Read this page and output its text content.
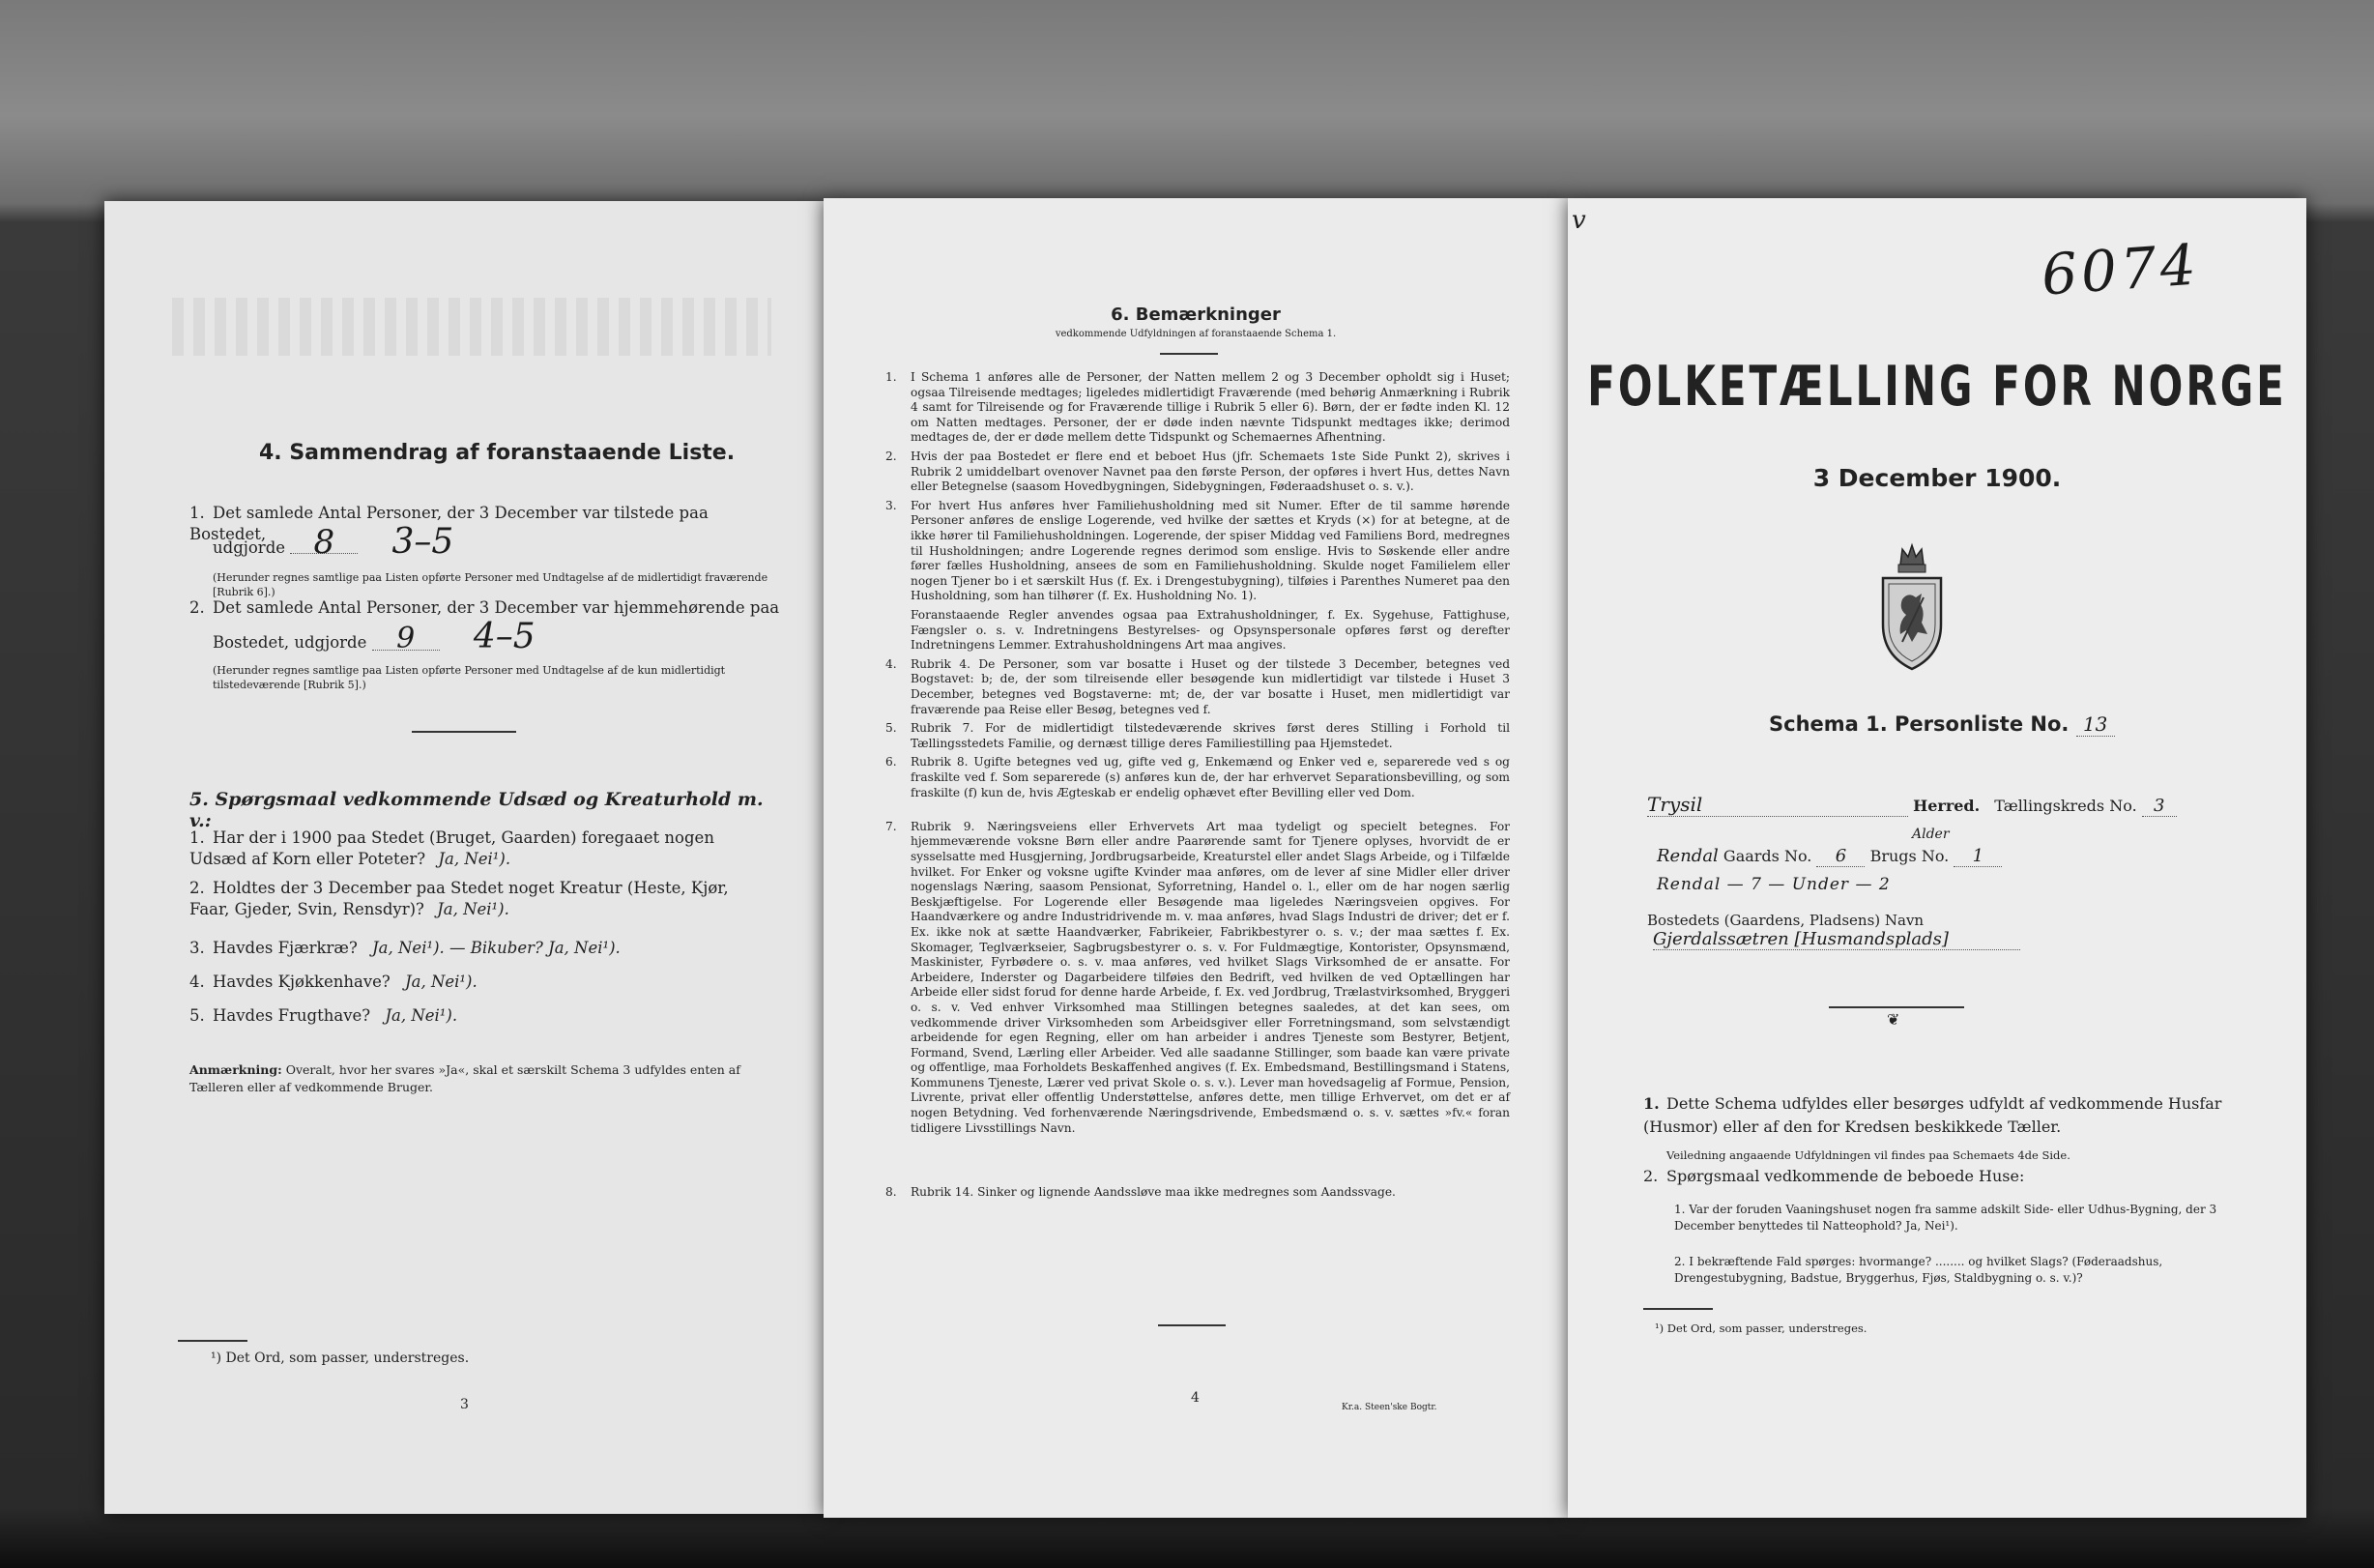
4. Sammendrag af foranstaaende Liste.
1. Det samlede Antal Personer, der 3 December var tilstede paa Bostedet,
udgjorde 8 3–5
(Herunder regnes samtlige paa Listen opførte Personer med Undtagelse af de midlertidigt fraværende [Rubrik 6].)
2. Det samlede Antal Personer, der 3 December var hjemmehørende paa
Bostedet, udgjorde 9 4–5
(Herunder regnes samtlige paa Listen opførte Personer med Undtagelse af de kun midlertidigt tilstedeværende [Rubrik 5].)
5. Spørgsmaal vedkommende Udsæd og Kreaturhold m. v.:
1. Har der i 1900 paa Stedet (Bruget, Gaarden) foregaaet nogen Udsæd af Korn eller Poteter? Ja, Nei¹).
2. Holdtes der 3 December paa Stedet noget Kreatur (Heste, Kjør, Faar, Gjeder, Svin, Rensdyr)? Ja, Nei¹).
3. Havdes Fjærkræ? Ja, Nei¹). — Bikuber? Ja, Nei¹).
4. Havdes Kjøkkenhave? Ja, Nei¹).
5. Havdes Frugthave? Ja, Nei¹).
Anmærkning: Overalt, hvor her svares »Ja«, skal et særskilt Schema 3 udfyldes enten af Tælleren eller af vedkommende Bruger.
¹) Det Ord, som passer, understreges.
3
6. Bemærkninger
vedkommende Udfyldningen af foranstaaende Schema 1.
1. I Schema 1 anføres alle de Personer, der Natten mellem 2 og 3 December opholdt sig i Huset; ogsaa Tilreisende medtages; ligeledes midlertidigt Fraværende (med behørig Anmærkning i Rubrik 4 samt for Tilreisende og for Fraværende tillige i Rubrik 5 eller 6). Børn, der er fødte inden Kl. 12 om Natten medtages. Personer, der er døde inden nævnte Tidspunkt medtages ikke; derimod medtages de, der er døde mellem dette Tidspunkt og Schemaernes Afhentning.
2. Hvis der paa Bostedet er flere end et beboet Hus (jfr. Schemaets 1ste Side Punkt 2), skrives i Rubrik 2 umiddelbart ovenover Navnet paa den første Person, der opføres i hvert Hus, dettes Navn eller Betegnelse (saasom Hovedbygningen, Sidebygningen, Føderaadshuset o. s. v.).
3. For hvert Hus anføres hver Familiehusholdning med sit Numer. Efter de til samme hørende Personer anføres de enslige Logerende, ved hvilke der sættes et Kryds (×) for at betegne, at de ikke hører til Familiehusholdningen. Logerende, der spiser Middag ved Familiens Bord, medregnes til Husholdningen; andre Logerende regnes derimod som enslige. Hvis to Søskende eller andre fører fælles Husholdning, ansees de som en Familiehusholdning. Skulde noget Familielem eller nogen Tjener bo i et særskilt Hus (f. Ex. i Drengestubygning), tilføies i Parenthes Numeret paa den Husholdning, som han tilhører (f. Ex. Husholdning No. 1).
Foranstaaende Regler anvendes ogsaa paa Extrahusholdninger, f. Ex. Sygehuse, Fattighuse, Fængsler o. s. v. Indretningens Bestyrelses- og Opsynspersonale opføres først og derefter Indretningens Lemmer. Extrahusholdningens Art maa angives.
4. Rubrik 4. De Personer, som var bosatte i Huset og der tilstede 3 December, betegnes ved Bogstavet: b; de, der som tilreisende eller besøgende kun midlertidigt var tilstede i Huset 3 December, betegnes ved Bogstaverne: mt; de, der var bosatte i Huset, men midlertidigt var fraværende paa Reise eller Besøg, betegnes ved f.
5. Rubrik 7. For de midlertidigt tilstedeværende skrives først deres Stilling i Forhold til Tællingsstedets Familie, og dernæst tillige deres Familiestilling paa Hjemstedet.
6. Rubrik 8. Ugifte betegnes ved ug, gifte ved g, Enkemænd og Enker ved e, separerede ved s og fraskilte ved f. Som separerede (s) anføres kun de, der har erhvervet Separationsbevilling, og som fraskilte (f) kun de, hvis Ægteskab er endelig ophævet efter Bevilling eller ved Dom.
7. Rubrik 9. Næringsveiens eller Erhvervets Art maa tydeligt og specielt betegnes. For hjemmeværende voksne Børn eller andre Paarørende samt for Tjenere oplyses, hvorvidt de er sysselsatte med Husgjerning, Jordbrugsarbeide, Kreaturstel eller andet Slags Arbeide, og i Tilfælde hvilket. For Enker og voksne ugifte Kvinder maa anføres, om de lever af sine Midler eller driver nogenslags Næring, saasom Pensionat, Syforretning, Handel o. l., eller om de har nogen særlig Beskjæftigelse. For Logerende eller Besøgende maa ligeledes Næringsveien opgives. For Haandværkere og andre Industridrivende m. v. maa anføres, hvad Slags Industri de driver; det er f. Ex. ikke nok at sætte Haandværker, Fabrikeier, Fabrikbestyrer o. s. v.; der maa sættes f. Ex. Skomager, Teglværkseier, Sagbrugsbestyrer o. s. v. For Fuldmægtige, Kontorister, Opsynsmænd, Maskinister, Fyrbødere o. s. v. maa anføres, ved hvilket Slags Virksomhed de er ansatte. For Arbeidere, Inderster og Dagarbeidere tilføies den Bedrift, ved hvilken de ved Optællingen har Arbeide eller sidst forud for denne harde Arbeide, f. Ex. ved Jordbrug, Trælastvirksomhed, Bryggeri o. s. v. Ved enhver Virksomhed maa Stillingen betegnes saaledes, at det kan sees, om vedkommende driver Virksomheden som Arbeidsgiver eller Forretningsmand, som selvstændigt arbeidende for egen Regning, eller om han arbeider i andres Tjeneste som Bestyrer, Betjent, Formand, Svend, Lærling eller Arbeider. Ved alle saadanne Stillinger, som baade kan være private og offentlige, maa Forholdets Beskaffenhed angives (f. Ex. Embedsmand, Bestillingsmand i Statens, Kommunens Tjeneste, Lærer ved privat Skole o. s. v.). Lever man hovedsagelig af Formue, Pension, Livrente, privat eller offentlig Understøttelse, anføres dette, men tillige Erhvervet, om det er af nogen Betydning. Ved forhenværende Næringsdrivende, Embedsmænd o. s. v. sættes »fv.« foran tidligere Livsstillings Navn.
8. Rubrik 14. Sinker og lignende Aandssløve maa ikke medregnes som Aandssvage.
4
Kr.a. Steen'ske Bogtr.
v
6074
FOLKETÆLLING FOR NORGE
3 December 1900.
Schema 1. Personliste No. 13
Trysil	Herred. Tællingskreds No. 3
Alder
Rendal Gaards No. 6 Brugs No. 1
Rendal — 7 — Under — 2
Bostedets (Gaardens, Pladsens) Navn Gjerdalssætren [Husmandsplads]
❦
1. Dette Schema udfyldes eller besørges udfyldt af vedkommende Husfar (Husmor) eller af den for Kredsen beskikkede Tæller.
Veiledning angaaende Udfyldningen vil findes paa Schemaets 4de Side.
2. Spørgsmaal vedkommende de beboede Huse:
1. Var der foruden Vaaningshuset nogen fra samme adskilt Side- eller Udhus-Bygning, der 3 December benyttedes til Natteophold? Ja, Nei¹).
2. I bekræftende Fald spørges: hvormange? ........ og hvilket Slags? (Føderaadshus, Drengestubygning, Badstue, Bryggerhus, Fjøs, Staldbygning o. s. v.)?
¹) Det Ord, som passer, understreges.
